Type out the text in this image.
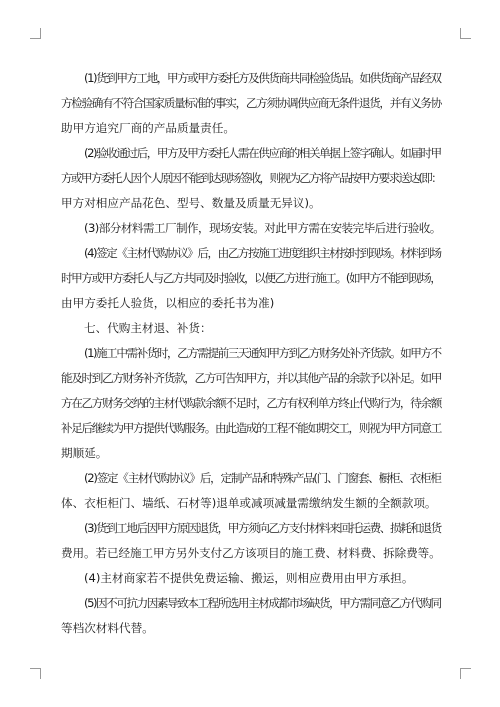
(1)货到甲方工地，甲方或甲方委托方及供货商共同检验货品。如供货商产品经双
方检验确有不符合国家质量标准的事实，乙方须协调供应商无条件退货，并有义务协
助甲方追究厂商的产品质量责任。

(2)验收通过后，甲方及甲方委托人需在供应商的相关单据上签字确认。如届时甲
方或甲方委托人因个人原因不能到达现场签收，则视为乙方将产品按甲方要求送达(即：
甲方对相应产品花色、型号、数量及质量无异议)。

(3)部分材料需工厂制作，现场安装。对此甲方需在安装完毕后进行验收。

(4)签定《主材代购协议》后，由乙方按施工进度组织主材按时到现场。材料到场
时甲方或甲方委托人与乙方共同及时验收，以便乙方进行施工。(如甲方不能到现场，
由甲方委托人验货，以相应的委托书为准)

七、代购主材退、补货：

(1)施工中需补货时，乙方需提前三天通知甲方到乙方财务处补齐货款。如甲方不
能及时到乙方财务补齐货款，乙方可告知甲方，并以其他产品的余款予以补足。如甲
方在乙方财务交纳的主材代购款余额不足时，乙方有权利单方终止代购行为，待余额
补足后继续为甲方提供代购服务。由此造成的工程不能如期交工，则视为甲方同意工
期顺延。

(2)签定《主材代购协议》后，定制产品和特殊产品(门、门窗套、橱柜、衣柜柜
体、衣柜柜门、墙纸、石材等)退单或减项减量需缴纳发生额的全额款项。

(3)货到工地后因甲方原因退货，甲方须向乙方支付材料来回托运费、损耗和退货
费用。若已经施工甲方另外支付乙方该项目的施工费、材料费、拆除费等。

(4)主材商家若不提供免费运输、搬运，则相应费用由甲方承担。

(5)因不可抗力因素导致本工程所选用主材成都市场缺货，甲方需同意乙方代购同
等档次材料代替。
